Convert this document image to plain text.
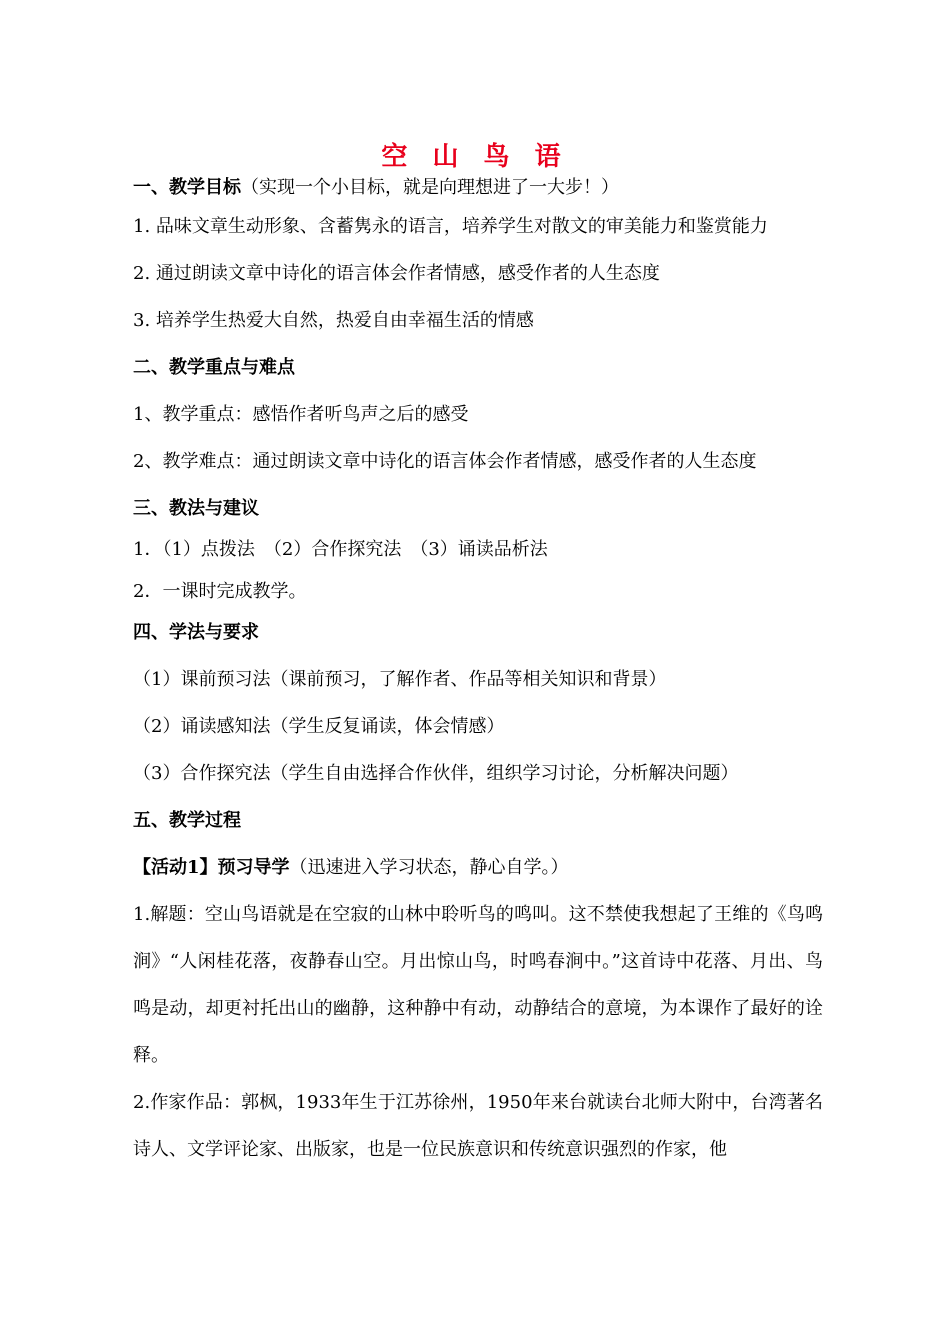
空 山 鸟 语
一、教学目标（实现一个小目标，就是向理想进了一大步！）
1. 品味文章生动形象、含蓄隽永的语言，培养学生对散文的审美能力和鉴赏能力
2. 通过朗读文章中诗化的语言体会作者情感，感受作者的人生态度
3. 培养学生热爱大自然，热爱自由幸福生活的情感
二、教学重点与难点
1、教学重点：感悟作者听鸟声之后的感受
2、教学难点：通过朗读文章中诗化的语言体会作者情感，感受作者的人生态度
三、教法与建议
1．（1）点拨法　（2）合作探究法　（3）诵读品析法
2．一课时完成教学。
四、学法与要求
（1）课前预习法（课前预习，了解作者、作品等相关知识和背景）
（2）诵读感知法（学生反复诵读，体会情感）
（3）合作探究法（学生自由选择合作伙伴，组织学习讨论，分析解决问题）
五、教学过程
【活动1】预习导学（迅速进入学习状态，静心自学。）
1.解题：空山鸟语就是在空寂的山林中聆听鸟的鸣叫。这不禁使我想起了王维的《鸟鸣涧》“人闲桂花落，夜静春山空。月出惊山鸟，时鸣春涧中。”这首诗中花落、月出、鸟鸣是动，却更衬托出山的幽静，这种静中有动，动静结合的意境，为本课作了最好的诠释。
2.作家作品：郭枫，1933年生于江苏徐州，1950年来台就读台北师大附中，台湾著名诗人、文学评论家、出版家，也是一位民族意识和传统意识强烈的作家，他
